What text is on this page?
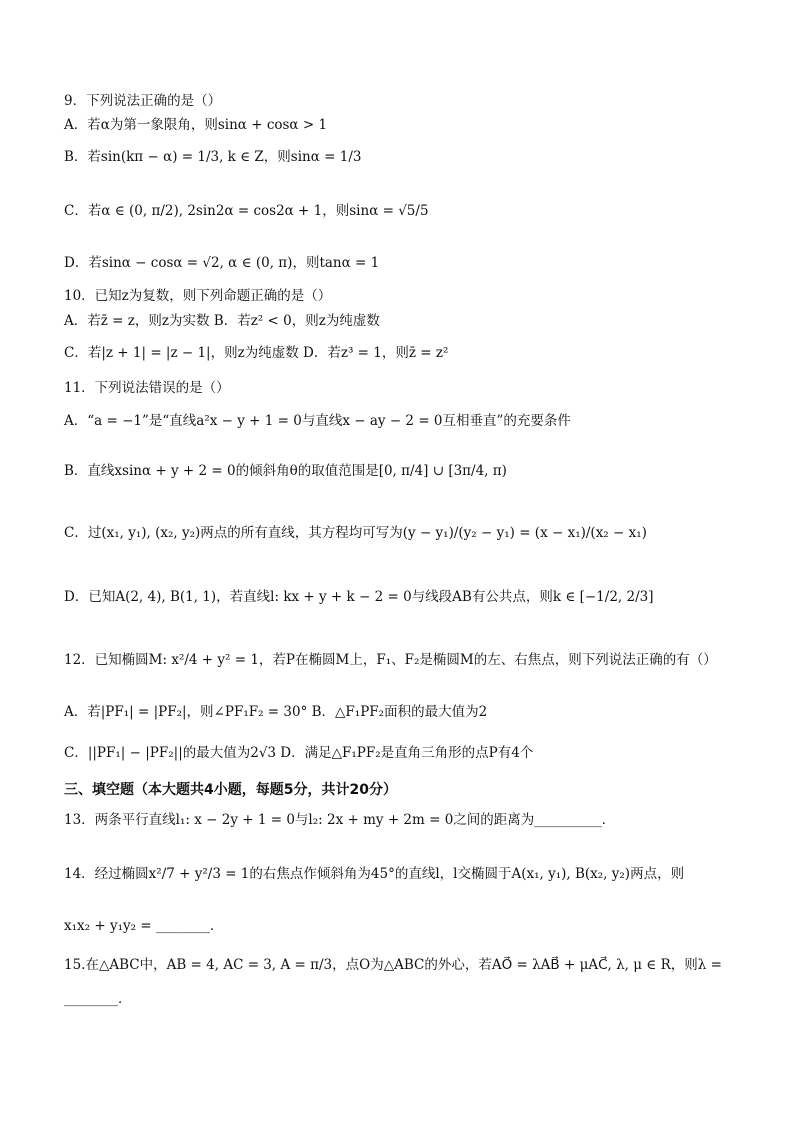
9．下列说法正确的是（）
A．若α为第一象限角，则sinα + cosα > 1
B．若sin(kπ − α) = 1/3, k ∈ Z，则sinα = 1/3
C．若α ∈ (0, π/2), 2sin2α = cos2α + 1，则sinα = √5/5
D．若sinα − cosα = √2, α ∈ (0, π)，则tanα = 1
10．已知z为复数，则下列命题正确的是（）
A．若z̄ = z，则z为实数 B．若z² < 0，则z为纯虚数
C．若|z + 1| = |z − 1|，则z为纯虚数 D．若z³ = 1，则z̄ = z²
11．下列说法错误的是（）
A．“a = −1”是“直线a²x − y + 1 = 0与直线x − ay − 2 = 0互相垂直”的充要条件
B．直线xsinα + y + 2 = 0的倾斜角θ的取值范围是[0, π/4] ∪ [3π/4, π)
C．过(x₁, y₁), (x₂, y₂)两点的所有直线，其方程均可写为(y − y₁)/(y₂ − y₁) = (x − x₁)/(x₂ − x₁)
D．已知A(2, 4), B(1, 1)，若直线l: kx + y + k − 2 = 0与线段AB有公共点，则k ∈ [−1/2, 2/3]
12．已知椭圆M: x²/4 + y² = 1，若P在椭圆M上，F₁、F₂是椭圆M的左、右焦点，则下列说法正确的有（）
A．若|PF₁| = |PF₂|，则∠PF₁F₂ = 30° B．△F₁PF₂面积的最大值为2
C．||PF₁| − |PF₂||的最大值为2√3 D．满足△F₁PF₂是直角三角形的点P有4个
三、填空题（本大题共4小题，每题5分，共计20分）
13．两条平行直线l₁: x − 2y + 1 = 0与l₂: 2x + my + 2m = 0之间的距离为__________．
14．经过椭圆x²/7 + y²/3 = 1的右焦点作倾斜角为45°的直线l，l交椭圆于A(x₁, y₁), B(x₂, y₂)两点，则
x₁x₂ + y₁y₂ = ________．
15.在△ABC中，AB = 4, AC = 3, A = π/3，点O为△ABC的外心，若AO⃗ = λAB⃗ + μAC⃗, λ, μ ∈ R，则λ =
________．
